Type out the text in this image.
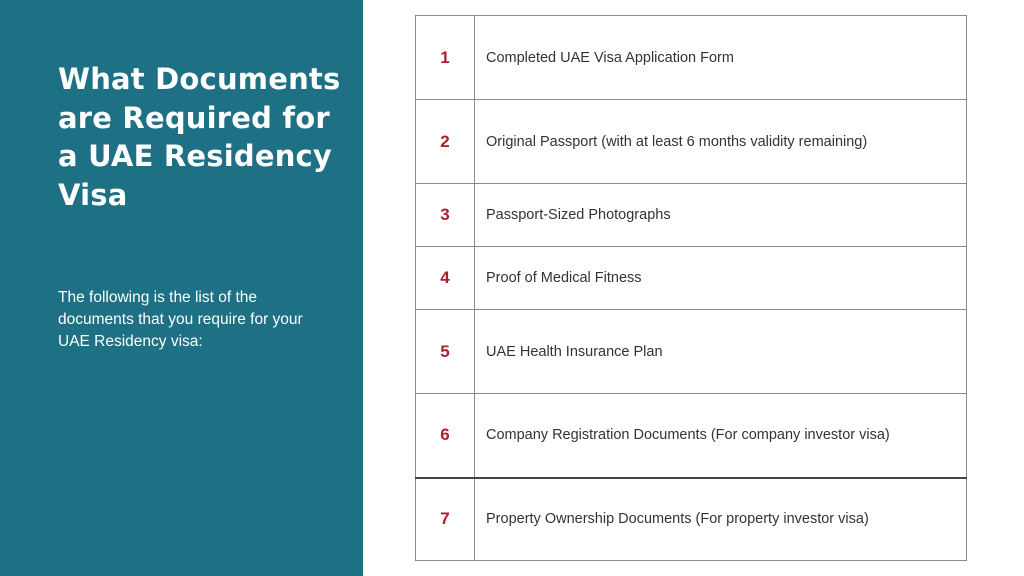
What Documents are Required for a UAE Residency Visa

The following is the list of the documents that you require for your UAE Residency visa:

1	Completed UAE Visa Application Form
2	Original Passport (with at least 6 months validity remaining)
3	Passport-Sized Photographs
4	Proof of Medical Fitness
5	UAE Health Insurance Plan
6	Company Registration Documents (For company investor visa)
7	Property Ownership Documents (For property investor visa)
